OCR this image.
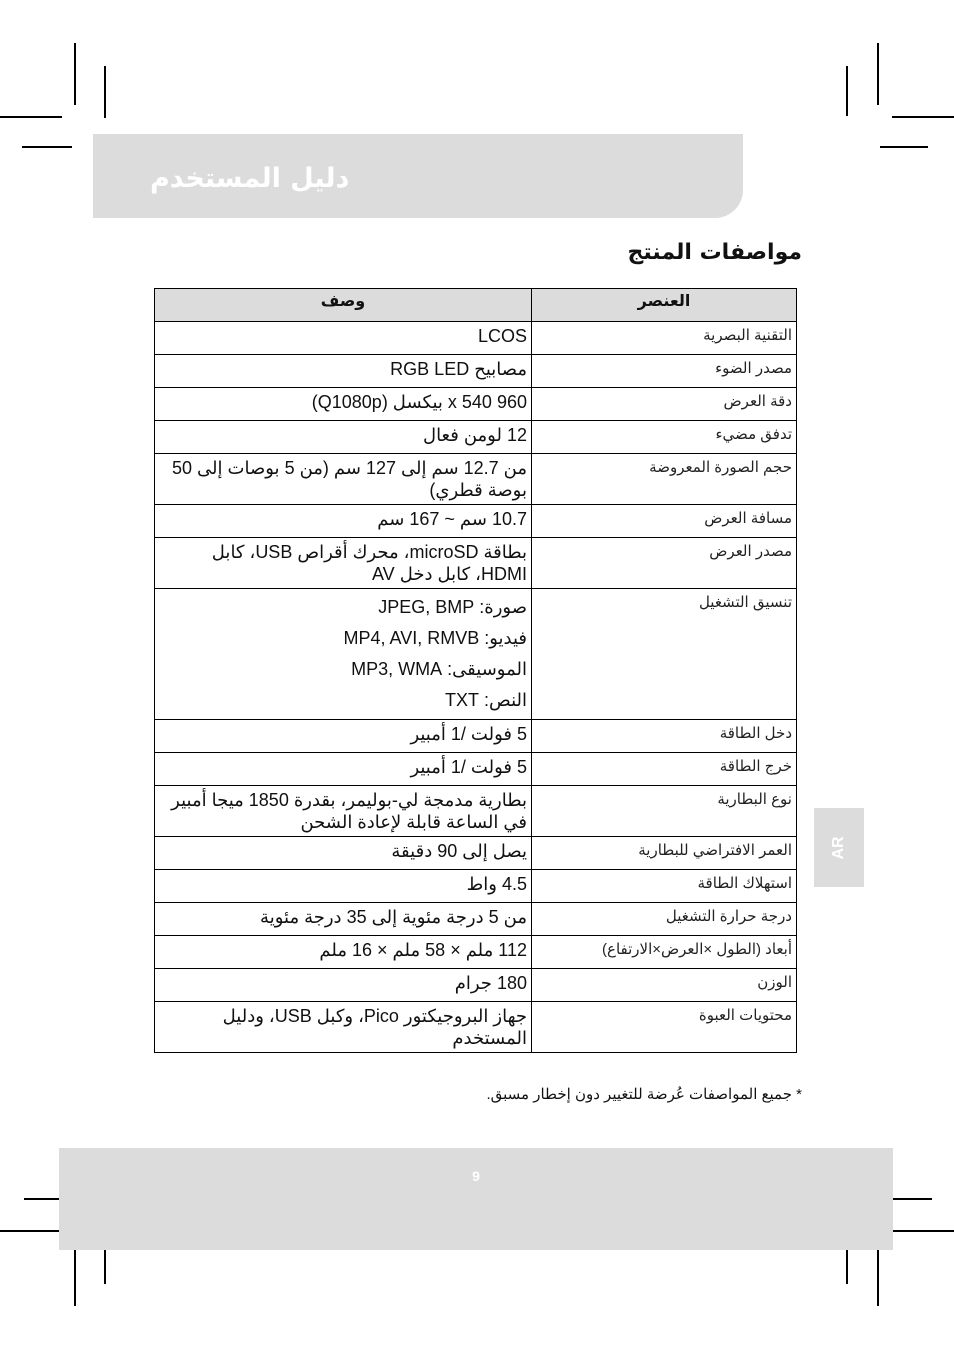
دليل المستخدم
مواصفات المنتج
العنصر	وصف
التقنية البصرية	LCOS

مصدر الضوء	مصابيح RGB LED

دقة العرض	960 x 540 بيكسل (Q1080p)

تدفق مضيء	12 لومن فعال

حجم الصورة المعروضة	من 12.7 سم إلى 127 سم (من 5 بوصات إلى 50 بوصة قطري)

مسافة العرض	10.7 سم ~ 167 سم

مصدر العرض	بطاقة microSD، محرك أقراص USB، كابل HDMI، كابل دخل AV

تنسيق التشغيل	صورة: JPEG, BMP
فيديو: MP4, AVI, RMVB
الموسيقى: MP3, WMA
النص: TXT

دخل الطاقة	5 فولت /1 أمبير

خرج الطاقة	5 فولت /1 أمبير

نوع البطارية	بطارية مدمجة لي-بوليمر، بقدرة 1850 ميجا أمبير في الساعة قابلة لإعادة الشحن

العمر الافتراضي للبطارية	يصل إلى 90 دقيقة

استهلاك الطاقة	4.5 واط

درجة حرارة التشغيل	من 5 درجة مئوية إلى 35 درجة مئوية

أبعاد (الطول ×العرض×الارتفاع)	112 ملم × 58 ملم × 16 ملم

الوزن	180 جرام

محتويات العبوة	جهاز البروجيكتور Pico، وكبل USB، ودليل المستخدم
* جميع المواصفات عُرضة للتغيير دون إخطار مسبق.
AR
9
